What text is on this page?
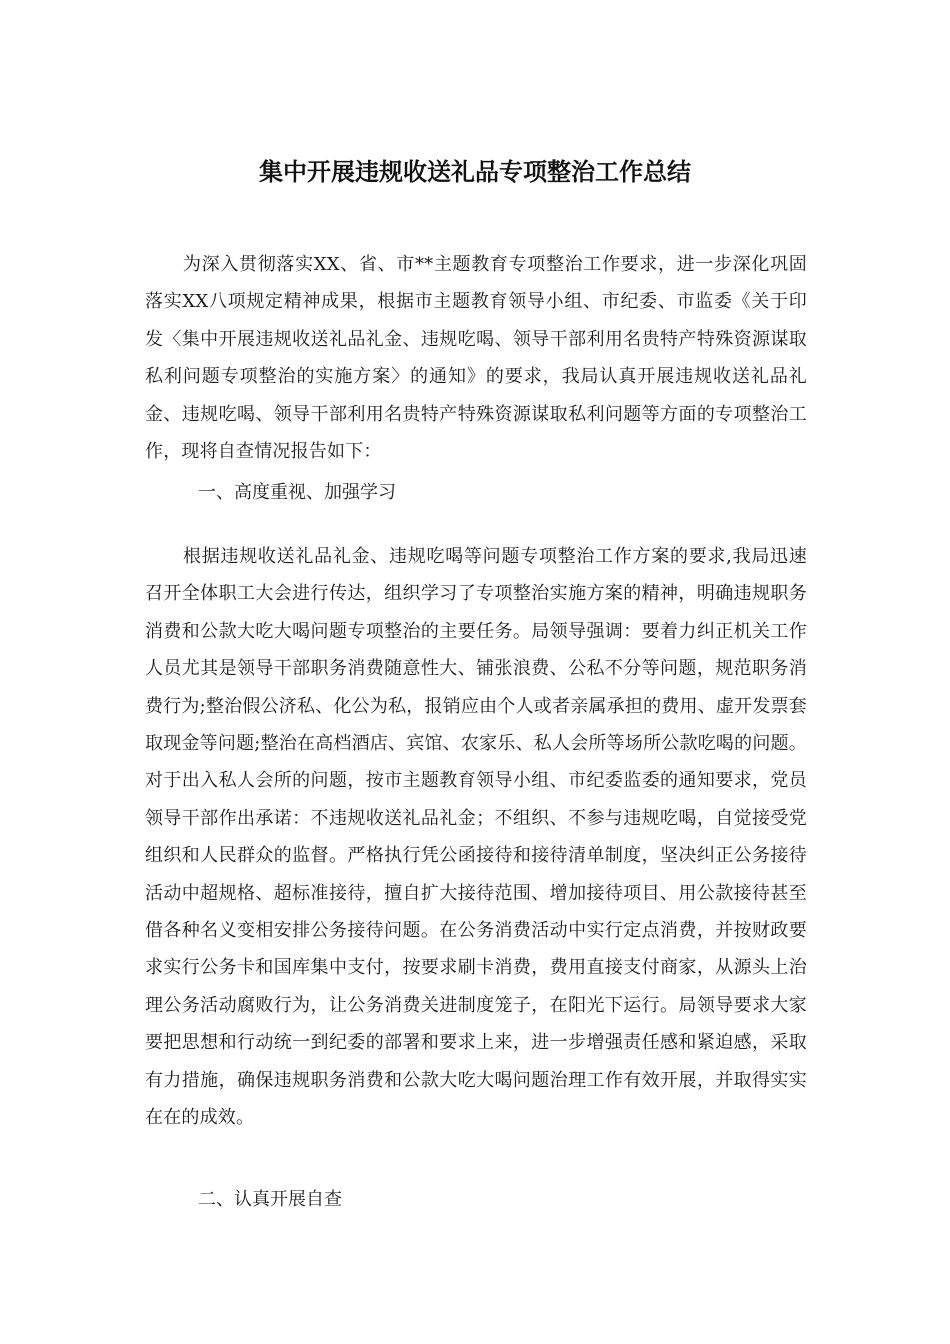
集中开展违规收送礼品专项整治工作总结

为深入贯彻落实XX、省、市**主题教育专项整治工作要求，进一步深化巩固落实XX八项规定精神成果，根据市主题教育领导小组、市纪委、市监委《关于印发〈集中开展违规收送礼品礼金、违规吃喝、领导干部利用名贵特产特殊资源谋取私利问题专项整治的实施方案〉的通知》的要求，我局认真开展违规收送礼品礼金、违规吃喝、领导干部利用名贵特产特殊资源谋取私利问题等方面的专项整治工作，现将自查情况报告如下：

一、高度重视、加强学习

根据违规收送礼品礼金、违规吃喝等问题专项整治工作方案的要求,我局迅速召开全体职工大会进行传达，组织学习了专项整治实施方案的精神，明确违规职务消费和公款大吃大喝问题专项整治的主要任务。局领导强调：要着力纠正机关工作人员尤其是领导干部职务消费随意性大、铺张浪费、公私不分等问题，规范职务消费行为;整治假公济私、化公为私，报销应由个人或者亲属承担的费用、虚开发票套取现金等问题;整治在高档酒店、宾馆、农家乐、私人会所等场所公款吃喝的问题。对于出入私人会所的问题，按市主题教育领导小组、市纪委监委的通知要求，党员领导干部作出承诺：不违规收送礼品礼金；不组织、不参与违规吃喝，自觉接受党组织和人民群众的监督。严格执行凭公函接待和接待清单制度，坚决纠正公务接待活动中超规格、超标准接待，擅自扩大接待范围、增加接待项目、用公款接待甚至借各种名义变相安排公务接待问题。在公务消费活动中实行定点消费，并按财政要求实行公务卡和国库集中支付，按要求刷卡消费，费用直接支付商家，从源头上治理公务活动腐败行为，让公务消费关进制度笼子，在阳光下运行。局领导要求大家要把思想和行动统一到纪委的部署和要求上来，进一步增强责任感和紧迫感，采取有力措施，确保违规职务消费和公款大吃大喝问题治理工作有效开展，并取得实实在在的成效。

二、认真开展自查
